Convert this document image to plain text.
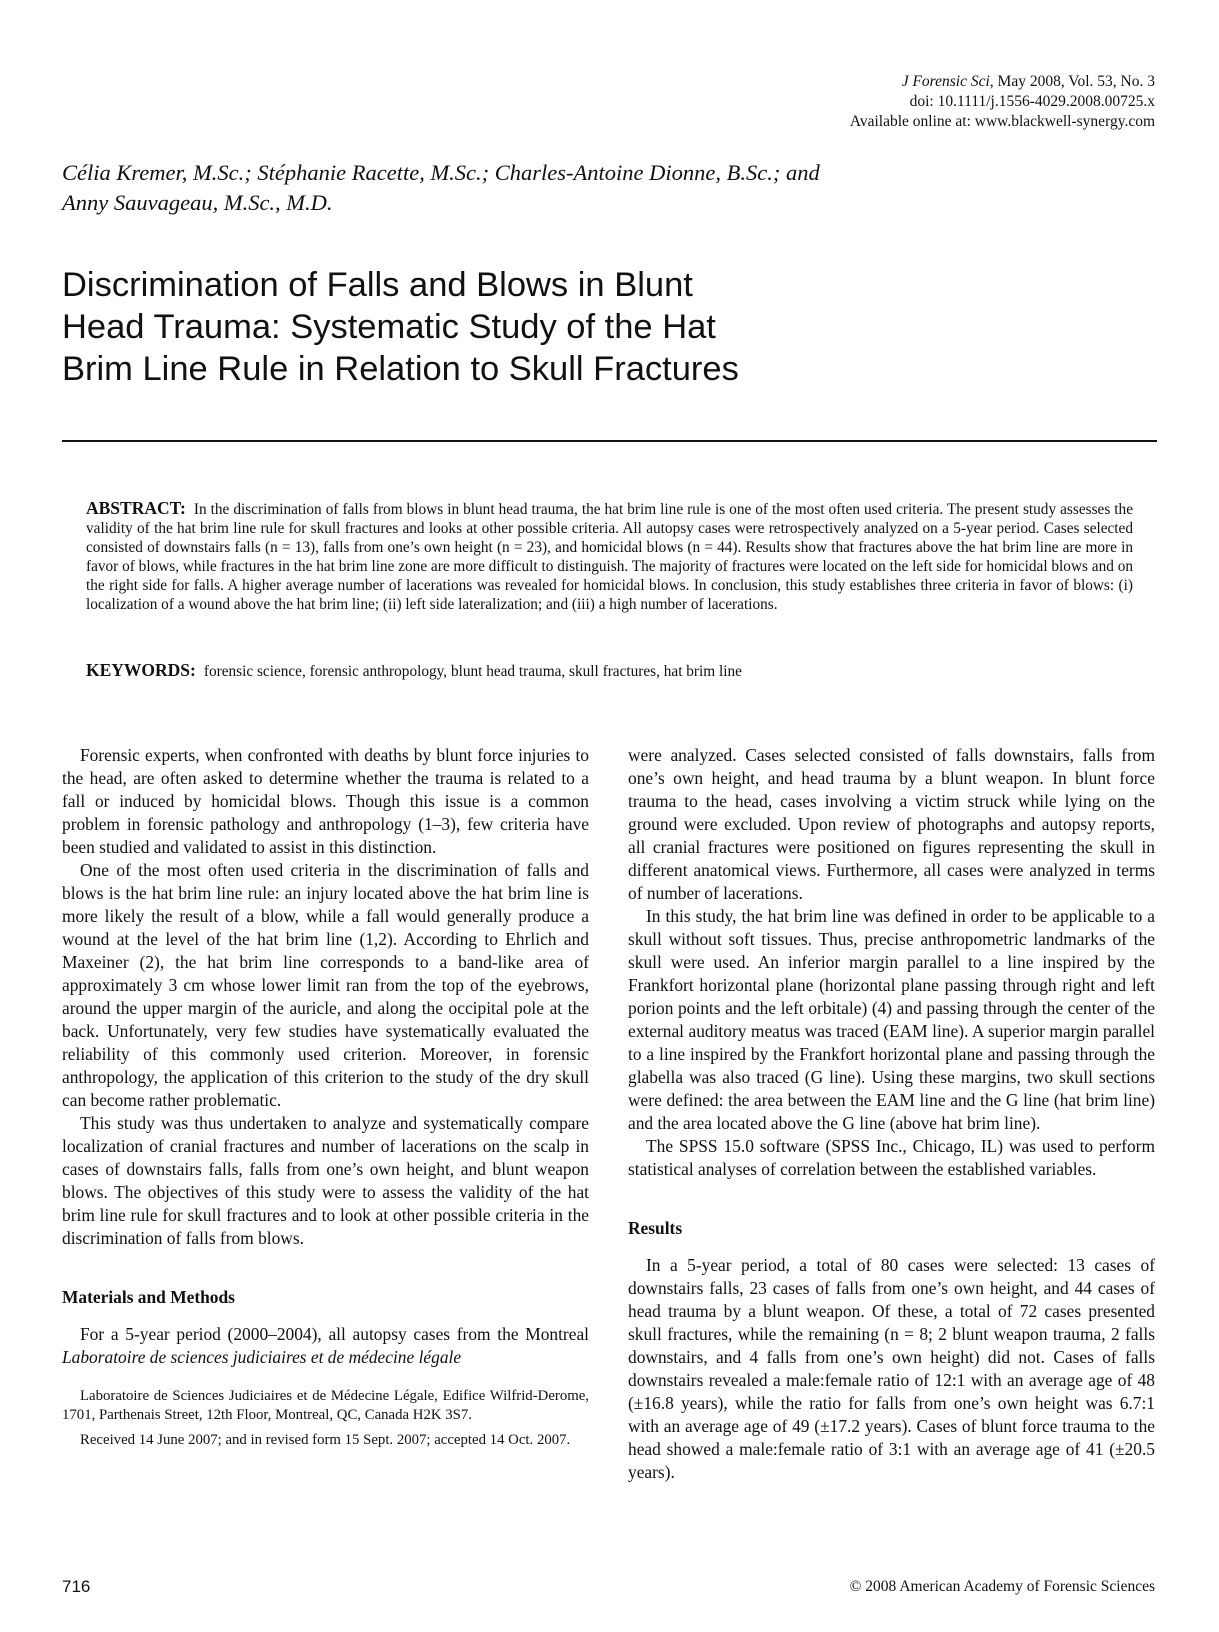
J Forensic Sci, May 2008, Vol. 53, No. 3
doi: 10.1111/j.1556-4029.2008.00725.x
Available online at: www.blackwell-synergy.com
Célia Kremer, M.Sc.; Stéphanie Racette, M.Sc.; Charles-Antoine Dionne, B.Sc.; and
Anny Sauvageau, M.Sc., M.D.
Discrimination of Falls and Blows in Blunt
Head Trauma: Systematic Study of the Hat
Brim Line Rule in Relation to Skull Fractures
ABSTRACT: In the discrimination of falls from blows in blunt head trauma, the hat brim line rule is one of the most often used criteria. The present study assesses the validity of the hat brim line rule for skull fractures and looks at other possible criteria. All autopsy cases were retrospectively analyzed on a 5-year period. Cases selected consisted of downstairs falls (n = 13), falls from one’s own height (n = 23), and homicidal blows (n = 44). Results show that fractures above the hat brim line are more in favor of blows, while fractures in the hat brim line zone are more difficult to distinguish. The majority of fractures were located on the left side for homicidal blows and on the right side for falls. A higher average number of lacerations was revealed for homicidal blows. In conclusion, this study establishes three criteria in favor of blows: (i) localization of a wound above the hat brim line; (ii) left side lateralization; and (iii) a high number of lacerations.
KEYWORDS: forensic science, forensic anthropology, blunt head trauma, skull fractures, hat brim line

Forensic experts, when confronted with deaths by blunt force injuries to the head, are often asked to determine whether the trauma is related to a fall or induced by homicidal blows. Though this issue is a common problem in forensic pathology and anthropology (1–3), few criteria have been studied and validated to assist in this distinction.

One of the most often used criteria in the discrimination of falls and blows is the hat brim line rule: an injury located above the hat brim line is more likely the result of a blow, while a fall would generally produce a wound at the level of the hat brim line (1,2). According to Ehrlich and Maxeiner (2), the hat brim line corresponds to a band-like area of approximately 3 cm whose lower limit ran from the top of the eyebrows, around the upper margin of the auricle, and along the occipital pole at the back. Unfortunately, very few studies have systematically evaluated the reliability of this commonly used criterion. Moreover, in forensic anthropology, the application of this criterion to the study of the dry skull can become rather problematic.

This study was thus undertaken to analyze and systematically compare localization of cranial fractures and number of lacerations on the scalp in cases of downstairs falls, falls from one’s own height, and blunt weapon blows. The objectives of this study were to assess the validity of the hat brim line rule for skull fractures and to look at other possible criteria in the discrimination of falls from blows.

Materials and Methods

For a 5-year period (2000–2004), all autopsy cases from the Montreal Laboratoire de sciences judiciaires et de médecine légale

Laboratoire de Sciences Judiciaires et de Médecine Légale, Edifice Wilfrid-Derome, 1701, Parthenais Street, 12th Floor, Montreal, QC, Canada H2K 3S7.

Received 14 June 2007; and in revised form 15 Sept. 2007; accepted 14 Oct. 2007.

were analyzed. Cases selected consisted of falls downstairs, falls from one’s own height, and head trauma by a blunt weapon. In blunt force trauma to the head, cases involving a victim struck while lying on the ground were excluded. Upon review of photographs and autopsy reports, all cranial fractures were positioned on figures representing the skull in different anatomical views. Furthermore, all cases were analyzed in terms of number of lacerations.

In this study, the hat brim line was defined in order to be applicable to a skull without soft tissues. Thus, precise anthropometric landmarks of the skull were used. An inferior margin parallel to a line inspired by the Frankfort horizontal plane (horizontal plane passing through right and left porion points and the left orbitale) (4) and passing through the center of the external auditory meatus was traced (EAM line). A superior margin parallel to a line inspired by the Frankfort horizontal plane and passing through the glabella was also traced (G line). Using these margins, two skull sections were defined: the area between the EAM line and the G line (hat brim line) and the area located above the G line (above hat brim line).

The SPSS 15.0 software (SPSS Inc., Chicago, IL) was used to perform statistical analyses of correlation between the established variables.

Results

In a 5-year period, a total of 80 cases were selected: 13 cases of downstairs falls, 23 cases of falls from one’s own height, and 44 cases of head trauma by a blunt weapon. Of these, a total of 72 cases presented skull fractures, while the remaining (n = 8; 2 blunt weapon trauma, 2 falls downstairs, and 4 falls from one’s own height) did not. Cases of falls downstairs revealed a male:female ratio of 12:1 with an average age of 48 (±16.8 years), while the ratio for falls from one’s own height was 6.7:1 with an average age of 49 (±17.2 years). Cases of blunt force trauma to the head showed a male:female ratio of 3:1 with an average age of 41 (±20.5 years).

716	© 2008 American Academy of Forensic Sciences
